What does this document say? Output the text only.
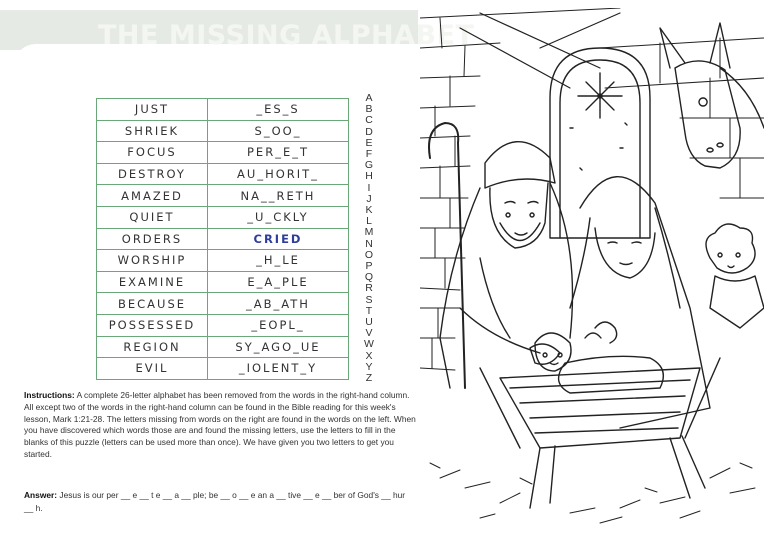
THE MISSING ALPHABET
JUST	_ES_S
SHRIEK	S_OO_
FOCUS	PER_E_T
DESTROY	AU_HORIT_
AMAZED	NA__RETH
QUIET	_U_CKLY
ORDERS	CRIED
WORSHIP	_H_LE
EXAMINE	E_A_PLE
BECAUSE	_AB_ATH
POSSESSED	_EOPL_
REGION	SY_AGO_UE
EVIL	_IOLENT_Y
A
B
C
D
E
F
G
H
I
J
K
L
M
N
O
P
Q
R
S
T
U
V
W
X
Y
Z
Instructions: A complete 26-letter alphabet has been removed from the words in the right-hand column. All except two of the words in the right-hand column can be found in the Bible reading for this week's lesson, Mark 1:21-28. The letters missing from words on the right are found in the words on the left. When you have discovered which words those are and found the missing letters, use the letters to fill in the blanks of this puzzle (letters can be used more than once). We have given you two letters to get you started.
Answer: Jesus is our per __ e __ t e __ a __ ple; be __ o __ e an a __ tive __ e __ ber of God's __ hur __ h.
